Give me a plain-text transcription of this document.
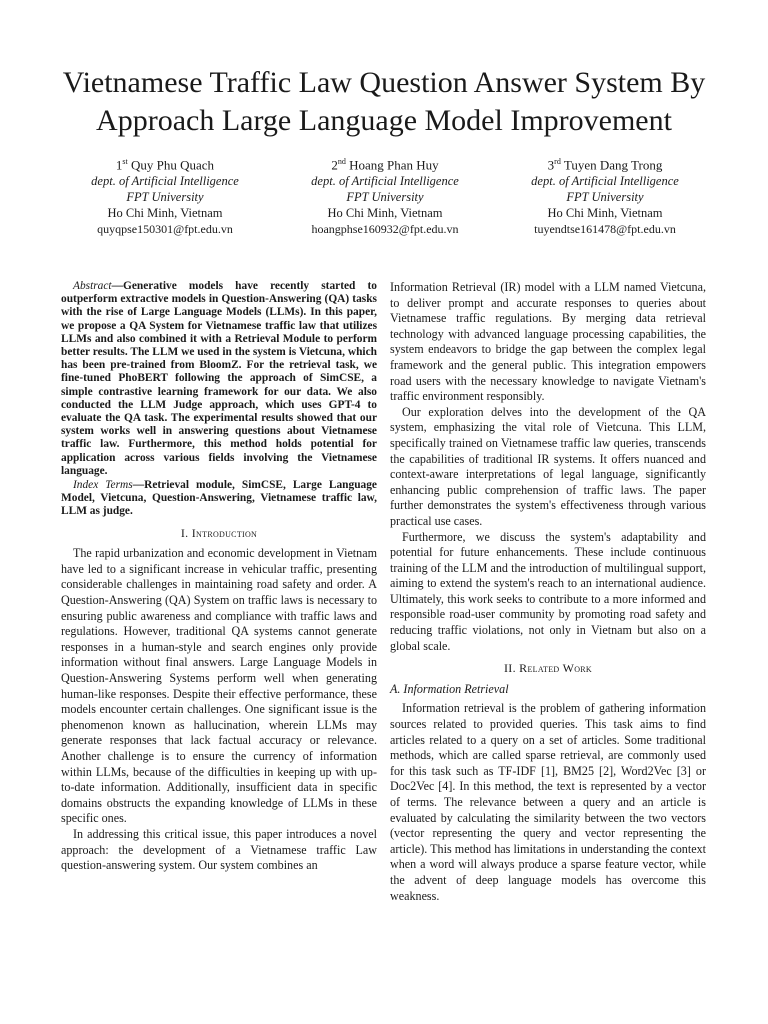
Vietnamese Traffic Law Question Answer System By Approach Large Language Model Improvement
1st Quy Phu Quach
dept. of Artificial Intelligence
FPT University
Ho Chi Minh, Vietnam
quyqpse150301@fpt.edu.vn
2nd Hoang Phan Huy
dept. of Artificial Intelligence
FPT University
Ho Chi Minh, Vietnam
hoangphse160932@fpt.edu.vn
3rd Tuyen Dang Trong
dept. of Artificial Intelligence
FPT University
Ho Chi Minh, Vietnam
tuyendtse161478@fpt.edu.vn
Abstract—Generative models have recently started to outperform extractive models in Question-Answering (QA) tasks with the rise of Large Language Models (LLMs). In this paper, we propose a QA System for Vietnamese traffic law that utilizes LLMs and also combined it with a Retrieval Module to perform better results. The LLM we used in the system is Vietcuna, which has been pre-trained from BloomZ. For the retrieval task, we fine-tuned PhoBERT following the approach of SimCSE, a simple contrastive learning framework for our data. We also conducted the LLM Judge approach, which uses GPT-4 to evaluate the QA task. The experimental results showed that our system works well in answering questions about Vietnamese traffic law. Furthermore, this method holds potential for application across various fields involving the Vietnamese language.
Index Terms—Retrieval module, SimCSE, Large Language Model, Vietcuna, Question-Answering, Vietnamese traffic law, LLM as judge.
I. Introduction

The rapid urbanization and economic development in Vietnam have led to a significant increase in vehicular traffic, presenting considerable challenges in maintaining road safety and order. A Question-Answering (QA) System on traffic laws is necessary to ensuring public awareness and compliance with traffic laws and regulations. However, traditional QA systems cannot generate responses in a human-style and search engines only provide information without final answers. Large Language Models in Question-Answering Systems perform well when generating human-like responses. Despite their effective performance, these models encounter certain challenges. One significant issue is the phenomenon known as hallucination, wherein LLMs may generate responses that lack factual accuracy or relevance. Another challenge is to ensure the currency of information within LLMs, because of the difficulties in keeping up with up-to-date information. Additionally, insufficient data in specific domains obstructs the expanding knowledge of LLMs in these specific ones.

In addressing this critical issue, this paper introduces a novel approach: the development of a Vietnamese traffic Law question-answering system. Our system combines an

Information Retrieval (IR) model with a LLM named Vietcuna, to deliver prompt and accurate responses to queries about Vietnamese traffic regulations. By merging data retrieval technology with advanced language processing capabilities, the system endeavors to bridge the gap between the complex legal framework and the general public. This integration empowers road users with the necessary knowledge to navigate Vietnam's traffic environment responsibly.

Our exploration delves into the development of the QA system, emphasizing the vital role of Vietcuna. This LLM, specifically trained on Vietnamese traffic law queries, transcends the capabilities of traditional IR systems. It offers nuanced and context-aware interpretations of legal language, significantly enhancing public comprehension of traffic laws. The paper further demonstrates the system's effectiveness through various practical use cases.

Furthermore, we discuss the system's adaptability and potential for future enhancements. These include continuous training of the LLM and the introduction of multilingual support, aiming to extend the system's reach to an international audience. Ultimately, this work seeks to contribute to a more informed and responsible road-user community by promoting road safety and reducing traffic violations, not only in Vietnam but also on a global scale.

II. Related Work
A. Information Retrieval

Information retrieval is the problem of gathering information sources related to provided queries. This task aims to find articles related to a query on a set of articles. Some traditional methods, which are called sparse retrieval, are commonly used for this task such as TF-IDF [1], BM25 [2], Word2Vec [3] or Doc2Vec [4]. In this method, the text is represented by a vector of terms. The relevance between a query and an article is evaluated by calculating the similarity between the two vectors (vector representing the query and vector representing the article). This method has limitations in understanding the context when a word will always produce a sparse feature vector, while the advent of deep language models has overcome this weakness.
